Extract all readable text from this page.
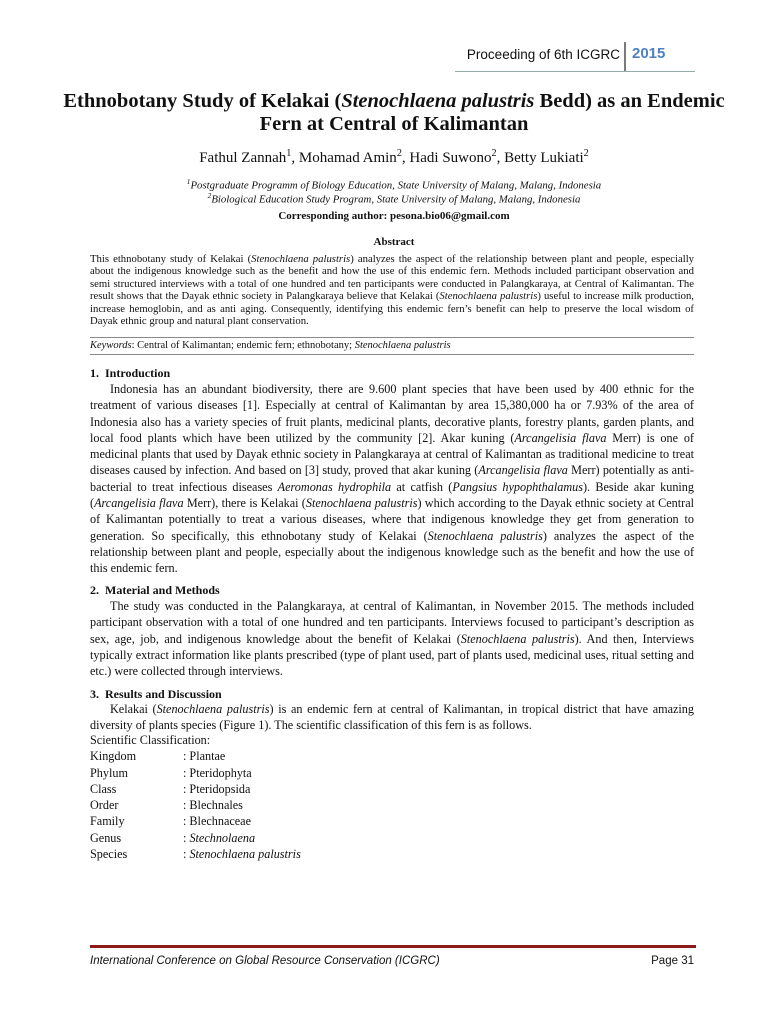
Proceeding of 6th ICGRC 2015
Ethnobotany Study of Kelakai (Stenochlaena palustris Bedd) as an Endemic Fern at Central of Kalimantan
Fathul Zannah$^1$, Mohamad Amin$^2$, Hadi Suwono$^2$, Betty Lukiati$^2$
$^1$Postgraduate Programm of Biology Education, State University of Malang, Malang, Indonesia
$^2$Biological Education Study Program, State University of Malang, Malang, Indonesia
Corresponding author: pesona.bio06@gmail.com
Abstract
This ethnobotany study of Kelakai (Stenochlaena palustris) analyzes the aspect of the relationship between plant and people, especially about the indigenous knowledge such as the benefit and how the use of this endemic fern. Methods included participant observation and semi structured interviews with a total of one hundred and ten participants were conducted in Palangkaraya, at Central of Kalimantan. The result shows that the Dayak ethnic society in Palangkaraya believe that Kelakai (Stenochlaena palustris) useful to increase milk production, increase hemoglobin, and as anti aging. Consequently, identifying this endemic fern’s benefit can help to preserve the local wisdom of Dayak ethnic group and natural plant conservation.
Keywords: Central of Kalimantan; endemic fern; ethnobotany; Stenochlaena palustris
1.  Introduction

Indonesia has an abundant biodiversity, there are 9.600 plant species that have been used by 400 ethnic for the treatment of various diseases [1]. Especially at central of Kalimantan by area 15,380,000 ha or 7.93% of the area of Indonesia also has a variety species of fruit plants, medicinal plants, decorative plants, forestry plants, garden plants, and local food plants which have been utilized by the community [2]. Akar kuning (Arcangelisia flava Merr) is one of medicinal plants that used by Dayak ethnic society in Palangkaraya at central of Kalimantan as traditional medicine to treat diseases caused by infection. And based on [3] study, proved that akar kuning (Arcangelisia flava Merr) potentially as anti-bacterial to treat infectious diseases Aeromonas hydrophila at catfish (Pangsius hypophthalamus). Beside akar kuning (Arcangelisia flava Merr), there is Kelakai (Stenochlaena palustris) which according to the Dayak ethnic society at Central of Kalimantan potentially to treat a various diseases, where that indigenous knowledge they get from generation to generation. So specifically, this ethnobotany study of Kelakai (Stenochlaena palustris) analyzes the aspect of the relationship between plant and people, especially about the indigenous knowledge such as the benefit and how the use of this endemic fern.

2.  Material and Methods

The study was conducted in the Palangkaraya, at central of Kalimantan, in November 2015. The methods included participant observation with a total of one hundred and ten participants. Interviews focused to participant’s description as sex, age, job, and indigenous knowledge about the benefit of Kelakai (Stenochlaena palustris). And then, Interviews typically extract information like plants prescribed (type of plant used, part of plants used, medicinal uses, ritual setting and etc.) were collected through interviews.

3.  Results and Discussion

Kelakai (Stenochlaena palustris) is an endemic fern at central of Kalimantan, in tropical district that have amazing diversity of plants species (Figure 1). The scientific classification of this fern is as follows.

Scientific Classification:
Kingdom	: Plantae
Phylum	: Pteridophyta
Class	: Pteridopsida
Order	: Blechnales
Family	: Blechnaceae
Genus	: Stechnolaena
Species	: Stenochlaena palustris
International Conference on Global Resource Conservation (ICGRC)	Page 31
